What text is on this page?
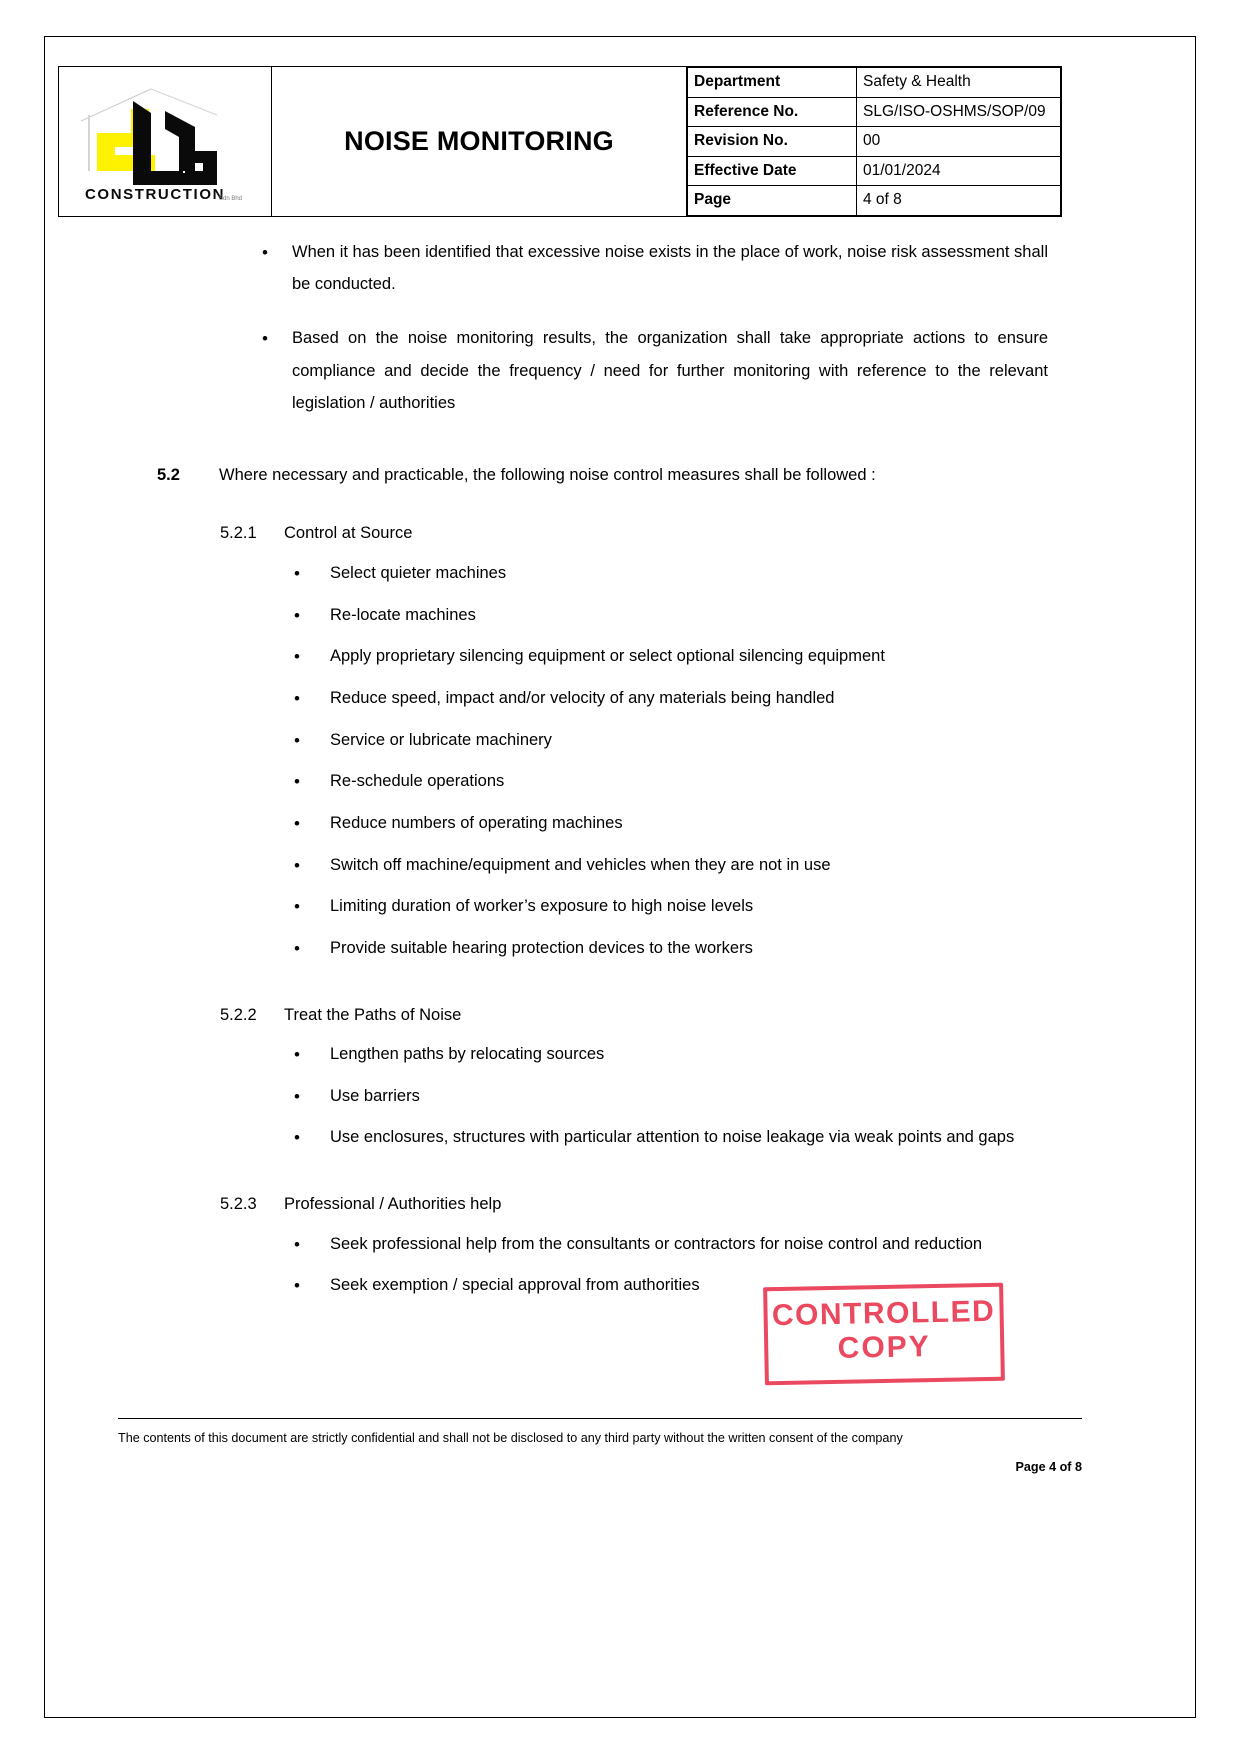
CONSTRUCTION
Sdn Bhd

NOISE MONITORING

Department	Safety & Health
Reference No.	SLG/ISO-OSHMS/SOP/09
Revision No.	00
Effective Date	01/01/2024
Page	4 of 8
• When it has been identified that excessive noise exists in the place of work, noise risk assessment shall be conducted.
• Based on the noise monitoring results, the organization shall take appropriate actions to ensure compliance and decide the frequency / need for further monitoring with reference to the relevant legislation / authorities
5.2	Where necessary and practicable, the following noise control measures shall be followed :
5.2.1	Control at Source
• Select quieter machines
• Re-locate machines
• Apply proprietary silencing equipment or select optional silencing equipment
• Reduce speed, impact and/or velocity of any materials being handled
• Service or lubricate machinery
• Re-schedule operations
• Reduce numbers of operating machines
• Switch off machine/equipment and vehicles when they are not in use
• Limiting duration of worker’s exposure to high noise levels
• Provide suitable hearing protection devices to the workers
5.2.2	Treat the Paths of Noise
• Lengthen paths by relocating sources
• Use barriers
• Use enclosures, structures with particular attention to noise leakage via weak points and gaps
5.2.3	Professional / Authorities help
• Seek professional help from the consultants or contractors for noise control and reduction
• Seek exemption / special approval from authorities
CONTROLLED
COPY
The contents of this document are strictly confidential and shall not be disclosed to any third party without the written consent of the company
Page 4 of 8
